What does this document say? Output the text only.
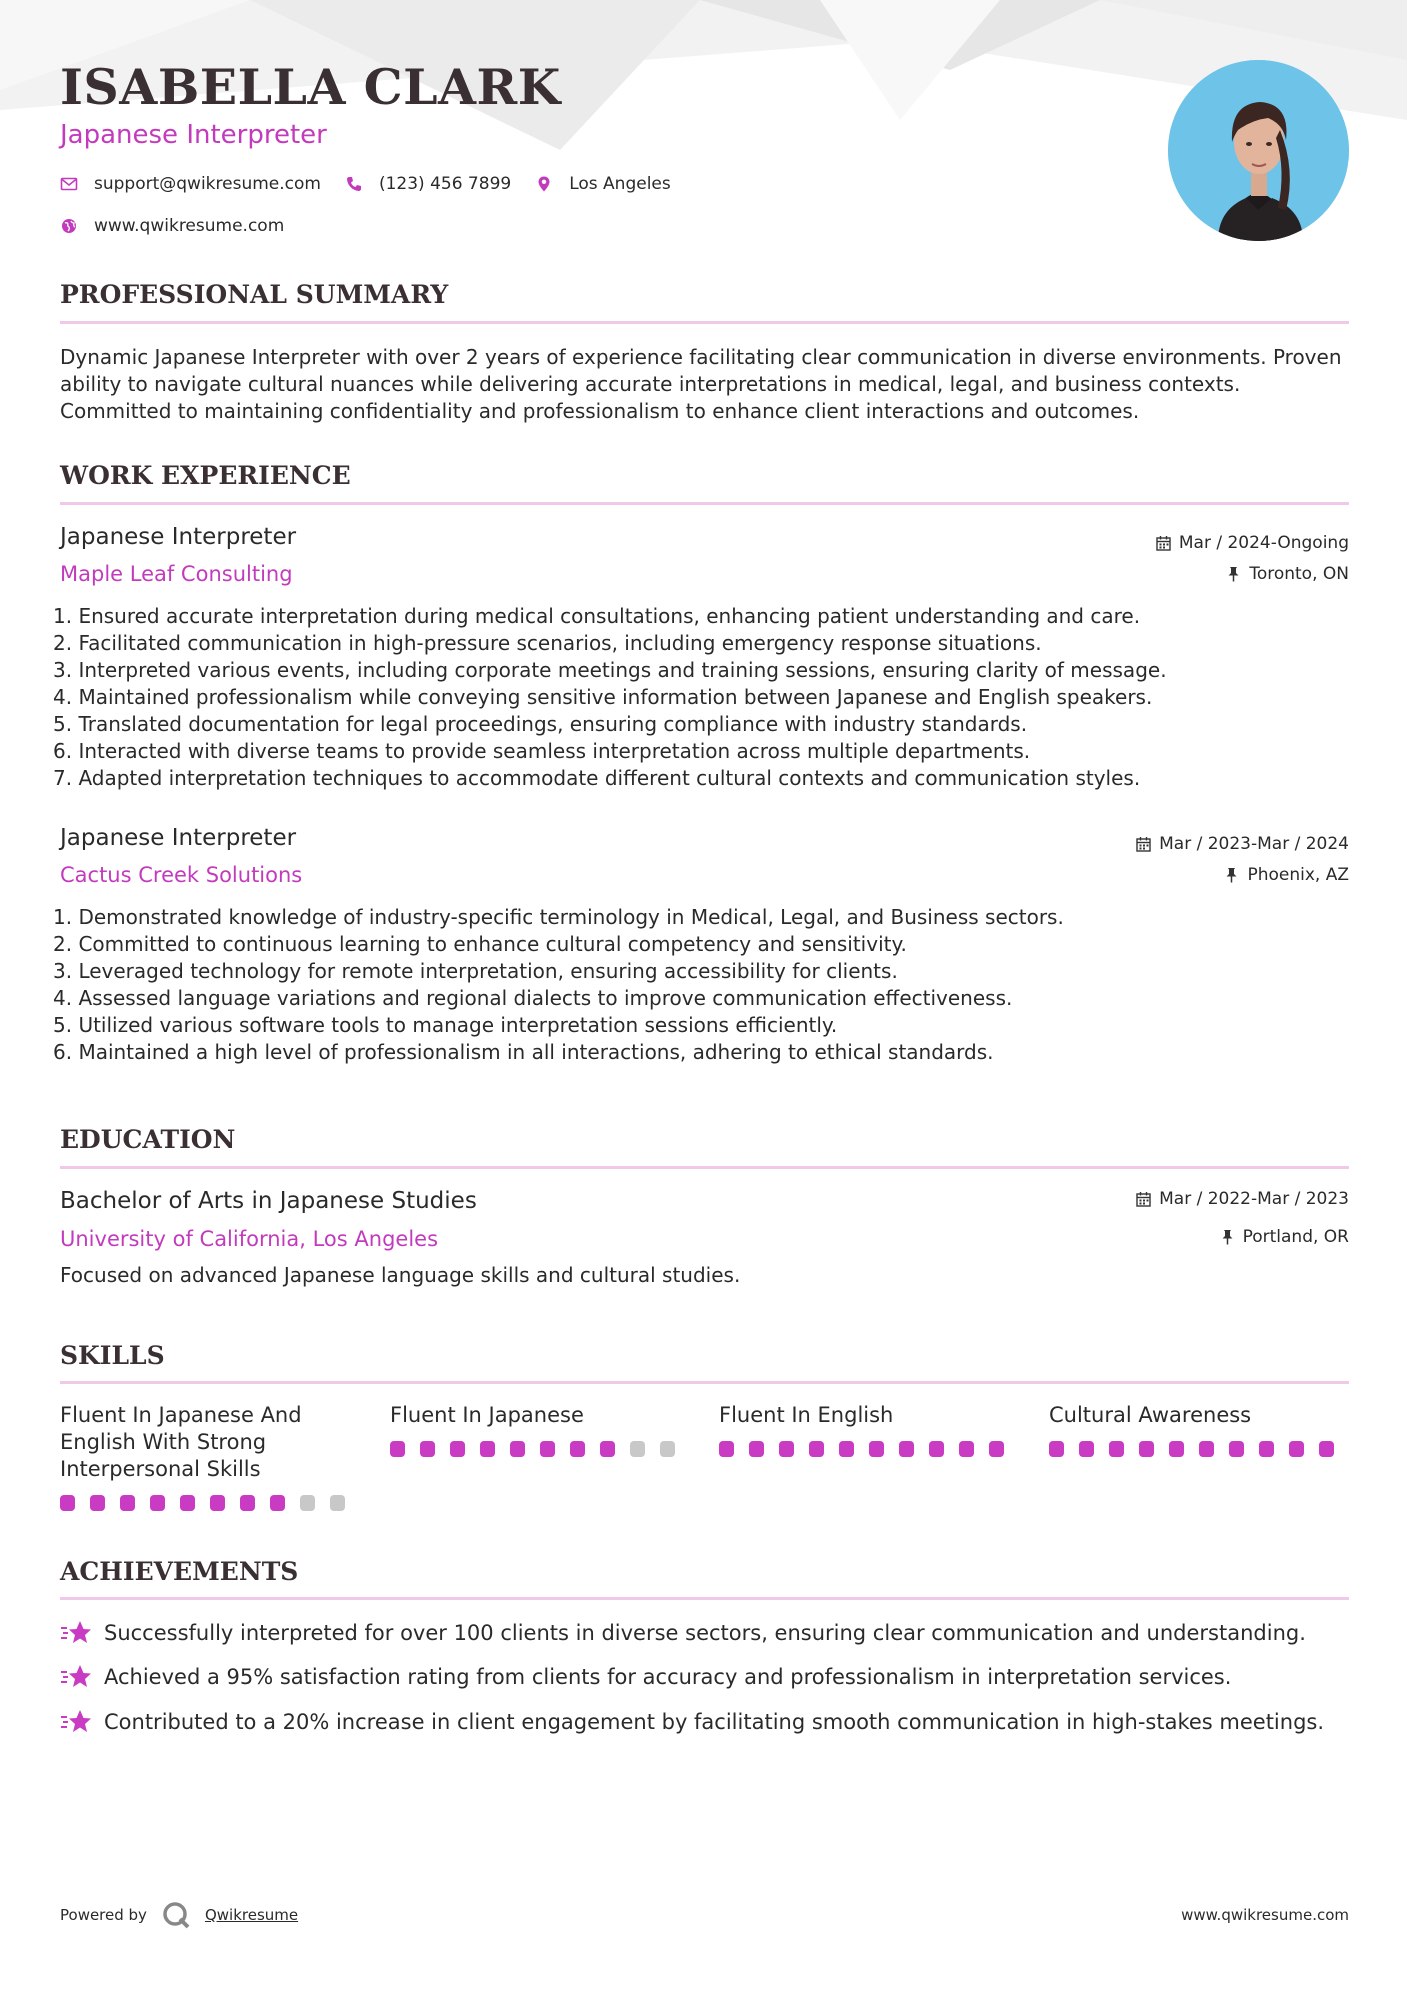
ISABELLA CLARK
Japanese Interpreter
support@qwikresume.com	(123) 456 7899	Los Angeles
www.qwikresume.com
PROFESSIONAL SUMMARY
Dynamic Japanese Interpreter with over 2 years of experience facilitating clear communication in diverse environments. Proven ability to navigate cultural nuances while delivering accurate interpretations in medical, legal, and business contexts. Committed to maintaining confidentiality and professionalism to enhance client interactions and outcomes.
WORK EXPERIENCE
Japanese Interpreter
Maple Leaf Consulting
Mar / 2024-Ongoing
Toronto, ON
1. Ensured accurate interpretation during medical consultations, enhancing patient understanding and care.
2. Facilitated communication in high-pressure scenarios, including emergency response situations.
3. Interpreted various events, including corporate meetings and training sessions, ensuring clarity of message.
4. Maintained professionalism while conveying sensitive information between Japanese and English speakers.
5. Translated documentation for legal proceedings, ensuring compliance with industry standards.
6. Interacted with diverse teams to provide seamless interpretation across multiple departments.
7. Adapted interpretation techniques to accommodate different cultural contexts and communication styles.
Japanese Interpreter
Cactus Creek Solutions
Mar / 2023-Mar / 2024
Phoenix, AZ
1. Demonstrated knowledge of industry-specific terminology in Medical, Legal, and Business sectors.
2. Committed to continuous learning to enhance cultural competency and sensitivity.
3. Leveraged technology for remote interpretation, ensuring accessibility for clients.
4. Assessed language variations and regional dialects to improve communication effectiveness.
5. Utilized various software tools to manage interpretation sessions efficiently.
6. Maintained a high level of professionalism in all interactions, adhering to ethical standards.
EDUCATION
Bachelor of Arts in Japanese Studies
University of California, Los Angeles
Mar / 2022-Mar / 2023
Portland, OR
Focused on advanced Japanese language skills and cultural studies.
SKILLS
Fluent In Japanese And English With Strong Interpersonal Skills
Fluent In Japanese	Fluent In English	Cultural Awareness
ACHIEVEMENTS
Successfully interpreted for over 100 clients in diverse sectors, ensuring clear communication and understanding.
Achieved a 95% satisfaction rating from clients for accuracy and professionalism in interpretation services.
Contributed to a 20% increase in client engagement by facilitating smooth communication in high-stakes meetings.
Powered by	Qwikresume	www.qwikresume.com
